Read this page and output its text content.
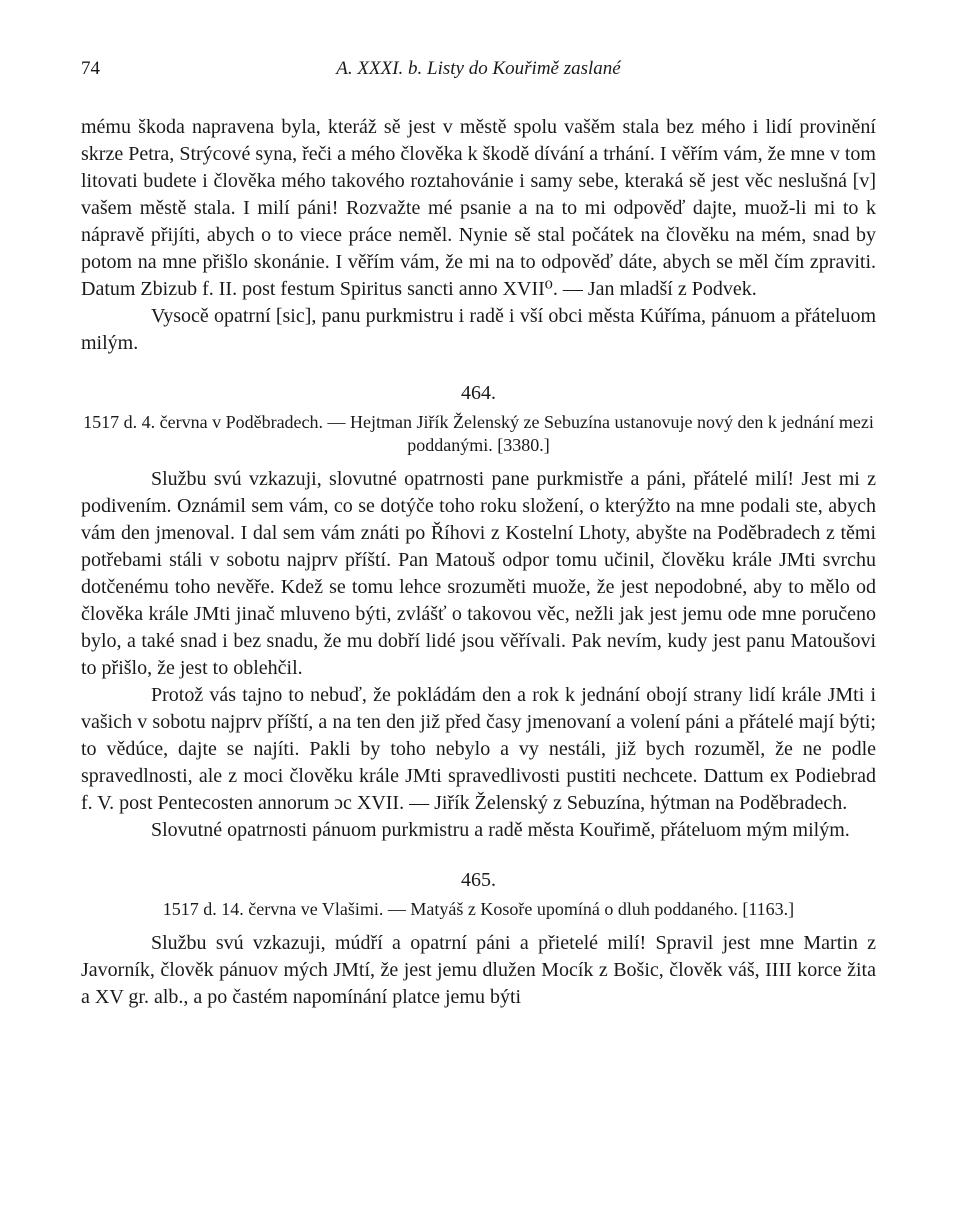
74	A. XXXI. b. Listy do Kouřimě zaslané

mému škoda napravena byla, kteráž sě jest v městě spolu vašěm stala bez mého i lidí provinění skrze Petra, Strýcové syna, řeči a mého člověka k škodě dívání a trhání. I věřím vám, že mne v tom litovati budete i člověka mého takového roztahovánie i samy sebe, kteraká sě jest věc neslušná [v] vašem městě stala. I milí páni! Rozvažte mé psanie a na to mi odpověď dajte, muož-li mi to k nápravě přijíti, abych o to viece práce neměl. Nynie sě stal počátek na člověku na mém, snad by potom na mne přišlo skonánie. I věřím vám, že mi na to odpověď dáte, abych se měl čím zpraviti. Datum Zbizub f. II. post festum Spiritus sancti anno XVII⁰. — Jan mladší z Podvek.

Vysocě opatrní [sic], panu purkmistru i radě i vší obci města Kúříma, pánuom a přáteluom milým.

464.

1517 d. 4. června v Poděbradech. — Hejtman Jiřík Želenský ze Sebuzína ustanovuje nový den k jednání mezi poddanými. [3380.]

Službu svú vzkazuji, slovutné opatrnosti pane purkmistře a páni, přátelé milí! Jest mi z podivením. Oznámil sem vám, co se dotýče toho roku složení, o kterýžto na mne podali ste, abych vám den jmenoval. I dal sem vám znáti po Říhovi z Kostelní Lhoty, abyšte na Poděbradech z těmi potřebami stáli v sobotu najprv příští. Pan Matouš odpor tomu učinil, člověku krále JMti svrchu dotčenému toho nevěře. Kdež se tomu lehce srozuměti muože, že jest nepodobné, aby to mělo od člověka krále JMti jinač mluveno býti, zvlášť o takovou věc, nežli jak jest jemu ode mne poručeno bylo, a také snad i bez snadu, že mu dobří lidé jsou věřívali. Pak nevím, kudy jest panu Matoušovi to přišlo, že jest to oblehčil.

Protož vás tajno to nebuď, že pokládám den a rok k jednání obojí strany lidí krále JMti i vašich v sobotu najprv příští, a na ten den již před časy jmenovaní a volení páni a přátelé mají býti; to vědúce, dajte se najíti. Pakli by toho nebylo a vy nestáli, již bych rozuměl, že ne podle spravedlnosti, ale z moci člověku krále JMti spravedlivosti pustiti nechcete. Dattum ex Podiebrad f. V. post Pentecosten annorum ɔc XVII. — Jiřík Želenský z Sebuzína, hýtman na Poděbradech.

Slovutné opatrnosti pánuom purkmistru a radě města Kouřimě, přáteluom mým milým.

465.

1517 d. 14. června ve Vlašimi. — Matyáš z Kosoře upomíná o dluh poddaného. [1163.]

Službu svú vzkazuji, múdří a opatrní páni a přietelé milí! Spravil jest mne Martin z Javorník, člověk pánuov mých JMtí, že jest jemu dlužen Mocík z Bošic, člověk váš, IIII korce žita a XV gr. alb., a po častém napomínání platce jemu býti
